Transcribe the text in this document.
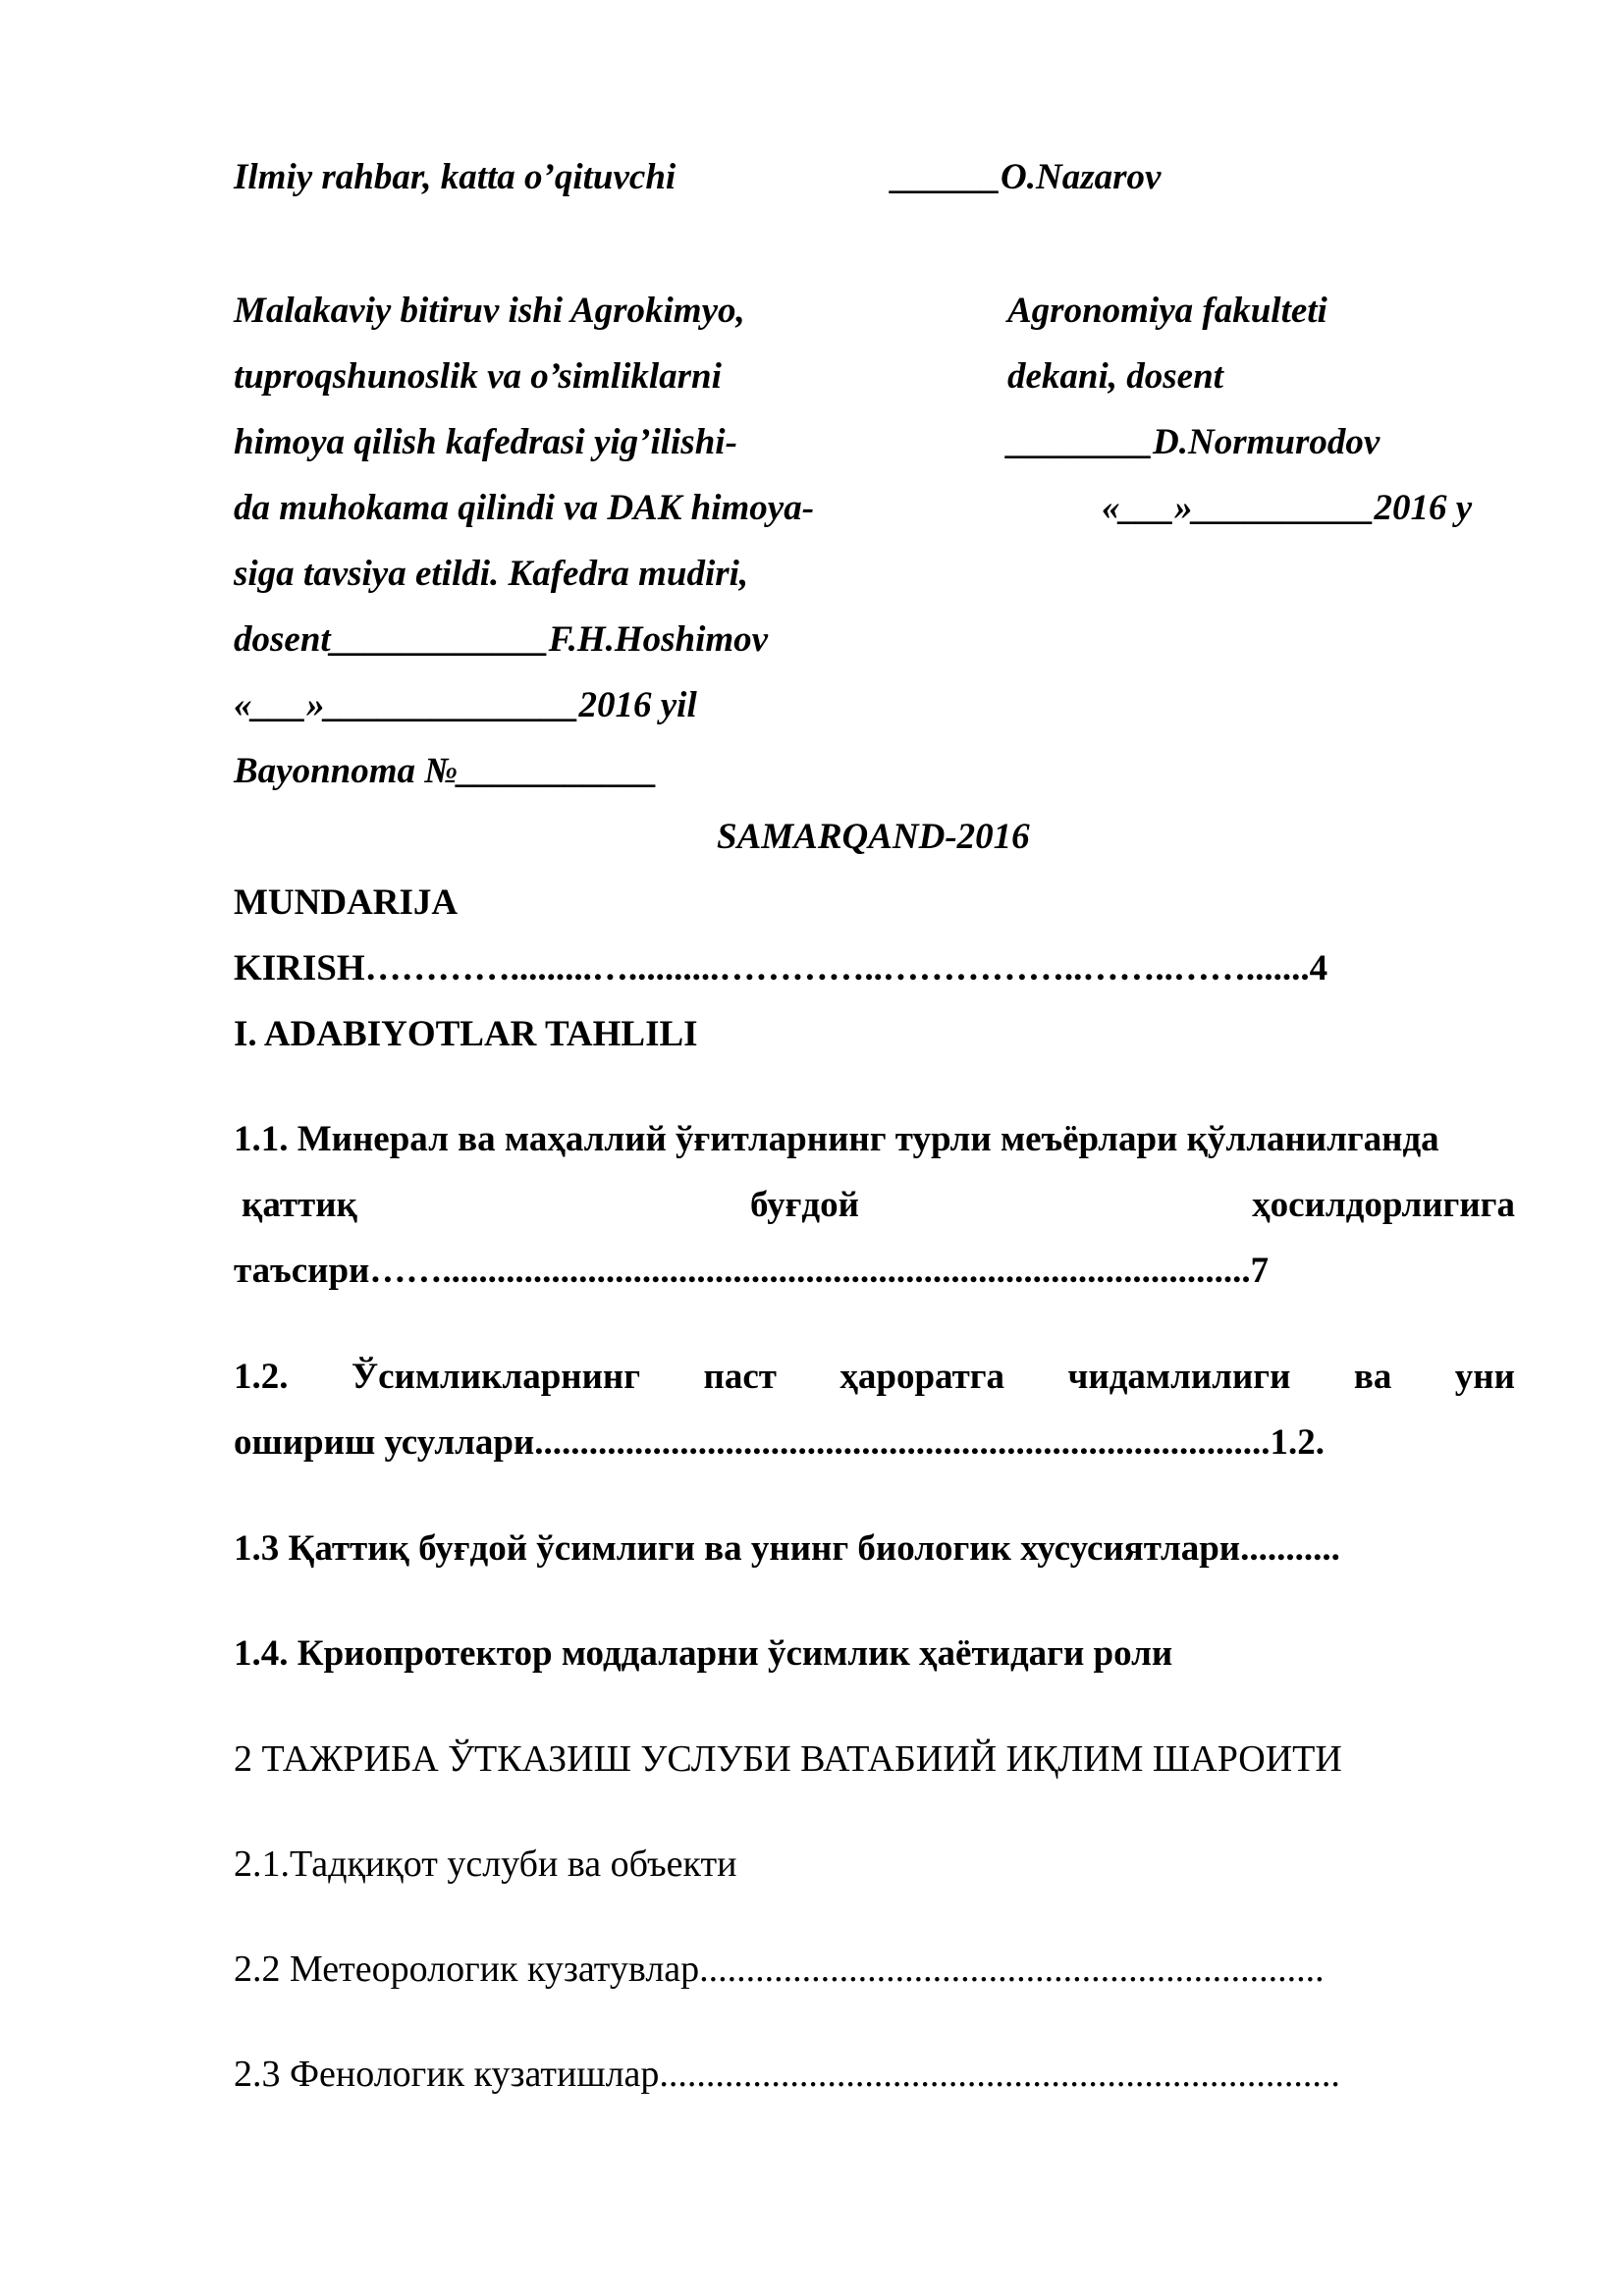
Ilmiy rahbar, katta o’qituvchi	______O.Nazarov
Malakaviy bitiruv ishi Agrokimyo,
tuproqshunoslik va o’simliklarni
himoya qilish kafedrasi yig’ilishi-
da muhokama qilindi va DAK himoya-
siga tavsiya etildi. Kafedra mudiri,
dosent____________F.H.Hoshimov
«___»______________2016 yil
Bayonnoma №___________
Agronomiya fakulteti
dekani, dosent
________D.Normurodov
«___»__________2016 y
SAMARQAND-2016
MUNDARIJA
KIRISH………….........…..........…………..……………..……..…….......4
I. ADABIYOTLAR TAHLILI
1.1. Минерал ва маҳаллий ўғитларнинг турли меъёрлари қўлланилганда
қаттиқ	буғдой	ҳосилдорлигига
таъсири…….........................................................................................7
1.2. Ўсимликларнинг паст ҳароратга чидамлилиги ва уни
ошириш усуллари.................................................................................1.2.
1.3 Қаттиқ буғдой ўсимлиги ва унинг биологик хусусиятлари...........
1.4. Криопротектор моддаларни ўсимлик ҳаётидаги роли
2 ТАЖРИБА ЎТКАЗИШ УСЛУБИ ВАТАБИИЙ ИҚЛИМ ШАРОИТИ
2.1.Тадқиқот услуби ва объекти
2.2 Метеорологик кузатувлар...................................................................
2.3 Фенологик кузатишлар.........................................................................
